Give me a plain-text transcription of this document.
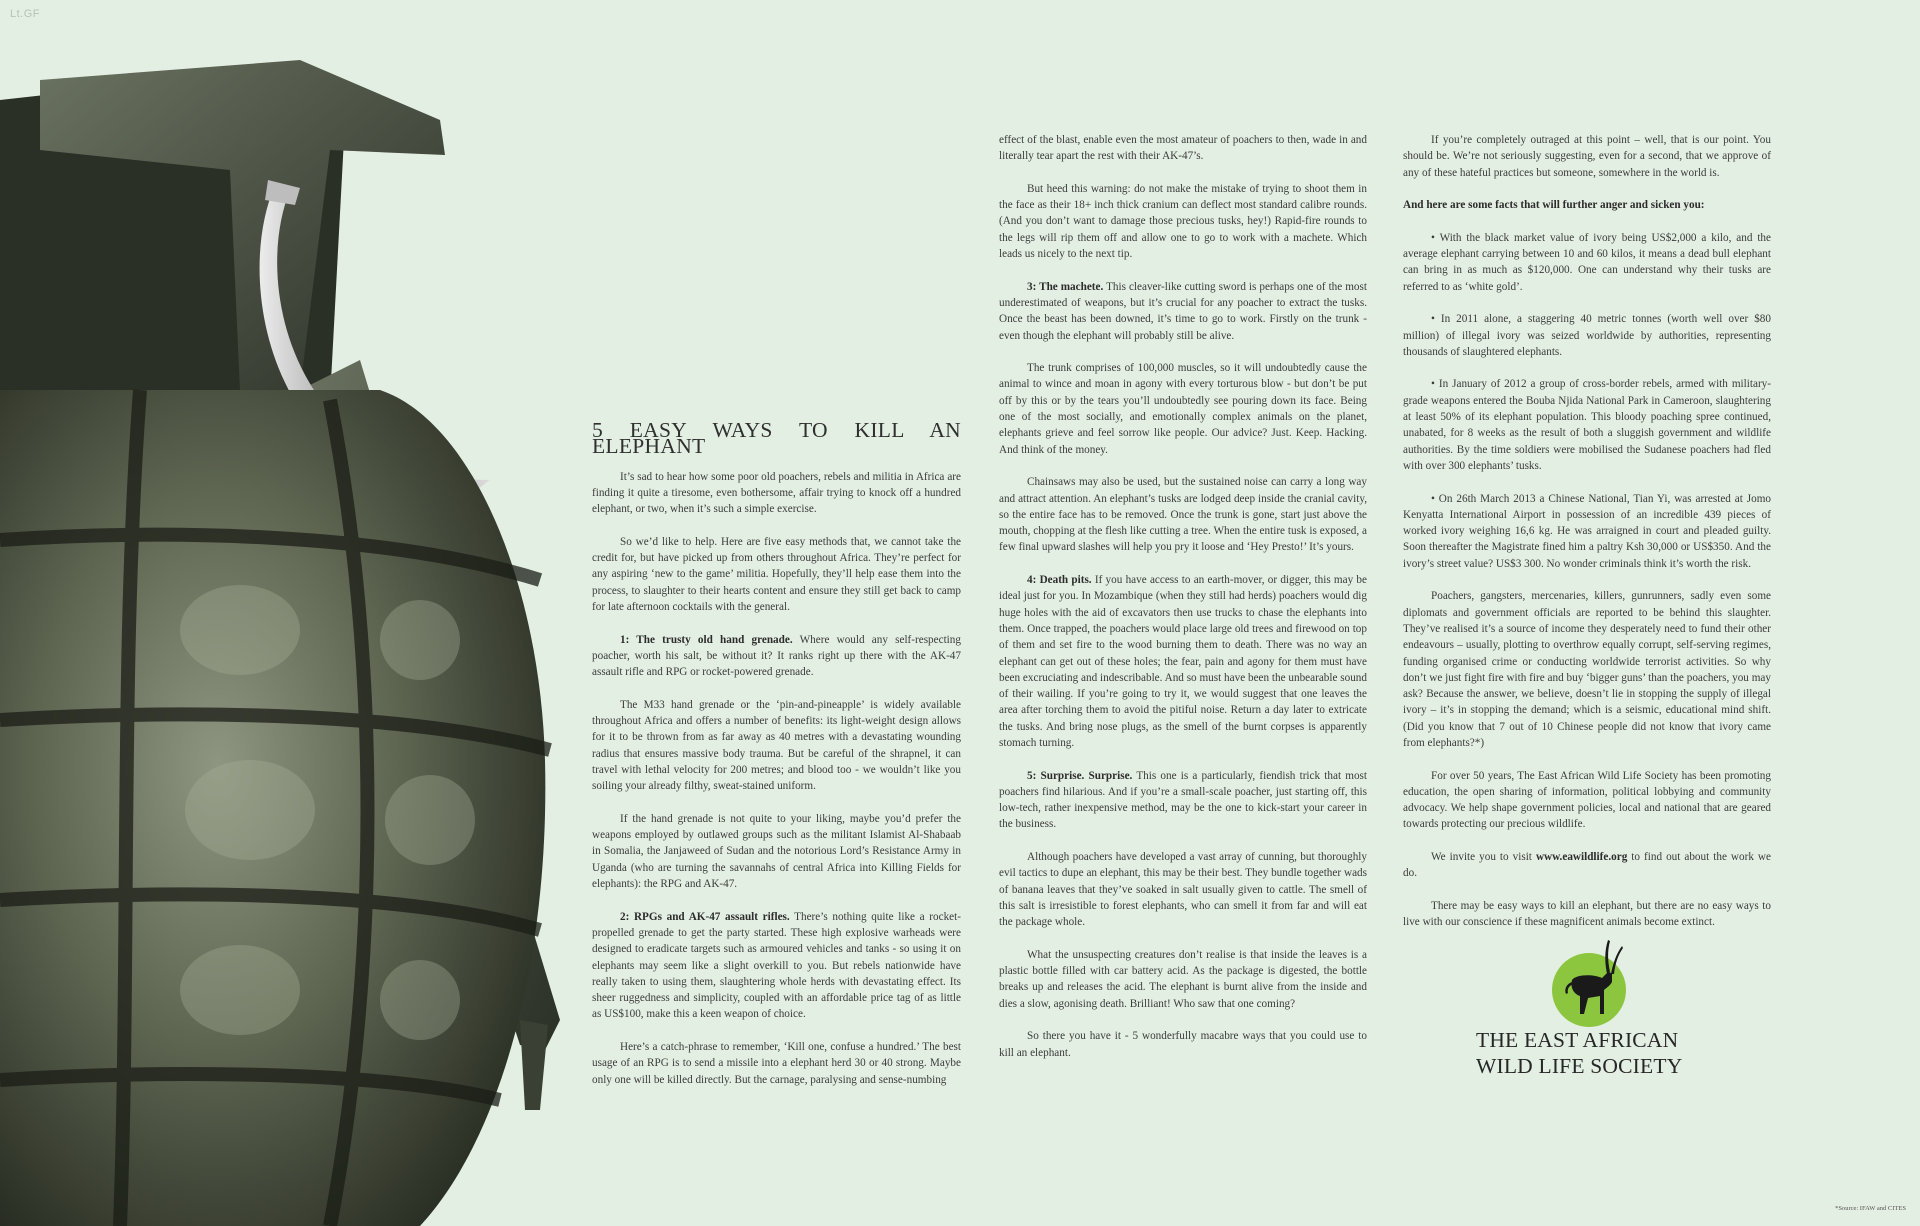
Lt.GF
5 EASY WAYS TO KILL AN ELEPHANT

It’s sad to hear how some poor old poachers, rebels and militia in Africa are finding it quite a tiresome, even bothersome, affair trying to knock off a hundred elephant, or two, when it’s such a simple exercise.

So we’d like to help. Here are five easy methods that, we cannot take the credit for, but have picked up from others throughout Africa. They’re perfect for any aspiring ‘new to the game’ militia. Hopefully, they’ll help ease them into the process, to slaughter to their hearts content and ensure they still get back to camp for late afternoon cocktails with the general.

1: The trusty old hand grenade. Where would any self-respecting poacher, worth his salt, be without it? It ranks right up there with the AK-47 assault rifle and RPG or rocket-powered grenade.

The M33 hand grenade or the ‘pin-and-pineapple’ is widely available throughout Africa and offers a number of benefits: its light-weight design allows for it to be thrown from as far away as 40 metres with a devastating wounding radius that ensures massive body trauma. But be careful of the shrapnel, it can travel with lethal velocity for 200 metres; and blood too - we wouldn’t like you soiling your already filthy, sweat-stained uniform.

If the hand grenade is not quite to your liking, maybe you’d prefer the weapons employed by outlawed groups such as the militant Islamist Al-Shabaab in Somalia, the Janjaweed of Sudan and the notorious Lord’s Resistance Army in Uganda (who are turning the savannahs of central Africa into Killing Fields for elephants): the RPG and AK-47.

2: RPGs and AK-47 assault rifles. There’s nothing quite like a rocket-propelled grenade to get the party started. These high explosive warheads were designed to eradicate targets such as armoured vehicles and tanks - so using it on elephants may seem like a slight overkill to you. But rebels nationwide have really taken to using them, slaughtering whole herds with devastating effect. Its sheer ruggedness and simplicity, coupled with an affordable price tag of as little as US$100, make this a keen weapon of choice.

Here’s a catch-phrase to remember, ‘Kill one, confuse a hundred.’ The best usage of an RPG is to send a missile into a elephant herd 30 or 40 strong. Maybe only one will be killed directly. But the carnage, paralysing and sense-numbing

effect of the blast, enable even the most amateur of poachers to then, wade in and literally tear apart the rest with their AK-47’s.

But heed this warning: do not make the mistake of trying to shoot them in the face as their 18+ inch thick cranium can deflect most standard calibre rounds. (And you don’t want to damage those precious tusks, hey!) Rapid-fire rounds to the legs will rip them off and allow one to go to work with a machete. Which leads us nicely to the next tip.

3: The machete. This cleaver-like cutting sword is perhaps one of the most underestimated of weapons, but it’s crucial for any poacher to extract the tusks. Once the beast has been downed, it’s time to go to work. Firstly on the trunk - even though the elephant will probably still be alive.

The trunk comprises of 100,000 muscles, so it will undoubtedly cause the animal to wince and moan in agony with every torturous blow - but don’t be put off by this or by the tears you’ll undoubtedly see pouring down its face. Being one of the most socially, and emotionally complex animals on the planet, elephants grieve and feel sorrow like people. Our advice? Just. Keep. Hacking. And think of the money.

Chainsaws may also be used, but the sustained noise can carry a long way and attract attention. An elephant’s tusks are lodged deep inside the cranial cavity, so the entire face has to be removed. Once the trunk is gone, start just above the mouth, chopping at the flesh like cutting a tree. When the entire tusk is exposed, a few final upward slashes will help you pry it loose and ‘Hey Presto!’ It’s yours.

4: Death pits. If you have access to an earth-mover, or digger, this may be ideal just for you. In Mozambique (when they still had herds) poachers would dig huge holes with the aid of excavators then use trucks to chase the elephants into them. Once trapped, the poachers would place large old trees and firewood on top of them and set fire to the wood burning them to death. There was no way an elephant can get out of these holes; the fear, pain and agony for them must have been excruciating and indescribable. And so must have been the unbearable sound of their wailing. If you’re going to try it, we would suggest that one leaves the area after torching them to avoid the pitiful noise. Return a day later to extricate the tusks. And bring nose plugs, as the smell of the burnt corpses is apparently stomach turning.

5: Surprise. Surprise. This one is a particularly, fiendish trick that most poachers find hilarious. And if you’re a small-scale poacher, just starting off, this low-tech, rather inexpensive method, may be the one to kick-start your career in the business.

Although poachers have developed a vast array of cunning, but thoroughly evil tactics to dupe an elephant, this may be their best. They bundle together wads of banana leaves that they’ve soaked in salt usually given to cattle. The smell of this salt is irresistible to forest elephants, who can smell it from far and will eat the package whole.

What the unsuspecting creatures don’t realise is that inside the leaves is a plastic bottle filled with car battery acid. As the package is digested, the bottle breaks up and releases the acid. The elephant is burnt alive from the inside and dies a slow, agonising death. Brilliant! Who saw that one coming?

So there you have it - 5 wonderfully macabre ways that you could use to kill an elephant.

If you’re completely outraged at this point – well, that is our point. You should be. We’re not seriously suggesting, even for a second, that we approve of any of these hateful practices but someone, somewhere in the world is.

And here are some facts that will further anger and sicken you:

• With the black market value of ivory being US$2,000 a kilo, and the average elephant carrying between 10 and 60 kilos, it means a dead bull elephant can bring in as much as $120,000. One can understand why their tusks are referred to as ‘white gold’.

• In 2011 alone, a staggering 40 metric tonnes (worth well over $80 million) of illegal ivory was seized worldwide by authorities, representing thousands of slaughtered elephants.

• In January of 2012 a group of cross-border rebels, armed with military-grade weapons entered the Bouba Njida National Park in Cameroon, slaughtering at least 50% of its elephant population. This bloody poaching spree continued, unabated, for 8 weeks as the result of both a sluggish government and wildlife authorities. By the time soldiers were mobilised the Sudanese poachers had fled with over 300 elephants’ tusks.

• On 26th March 2013 a Chinese National, Tian Yi, was arrested at Jomo Kenyatta International Airport in possession of an incredible 439 pieces of worked ivory weighing 16,6 kg. He was arraigned in court and pleaded guilty. Soon thereafter the Magistrate fined him a paltry Ksh 30,000 or US$350. And the ivory’s street value? US$3 300. No wonder criminals think it’s worth the risk.

Poachers, gangsters, mercenaries, killers, gunrunners, sadly even some diplomats and government officials are reported to be behind this slaughter. They’ve realised it’s a source of income they desperately need to fund their other endeavours – usually, plotting to overthrow equally corrupt, self-serving regimes, funding organised crime or conducting worldwide terrorist activities. So why don’t we just fight fire with fire and buy ‘bigger guns’ than the poachers, you may ask? Because the answer, we believe, doesn’t lie in stopping the supply of illegal ivory – it’s in stopping the demand; which is a seismic, educational mind shift. (Did you know that 7 out of 10 Chinese people did not know that ivory came from elephants?*)

For over 50 years, The East African Wild Life Society has been promoting education, the open sharing of information, political lobbying and community advocacy. We help shape government policies, local and national that are geared towards protecting our precious wildlife.

We invite you to visit www.eawildlife.org to find out about the work we do.

There may be easy ways to kill an elephant, but there are no easy ways to live with our conscience if these magnificent animals become extinct.

THE EAST AFRICAN
WILD LIFE SOCIETY
*Source: IFAW and CITES
